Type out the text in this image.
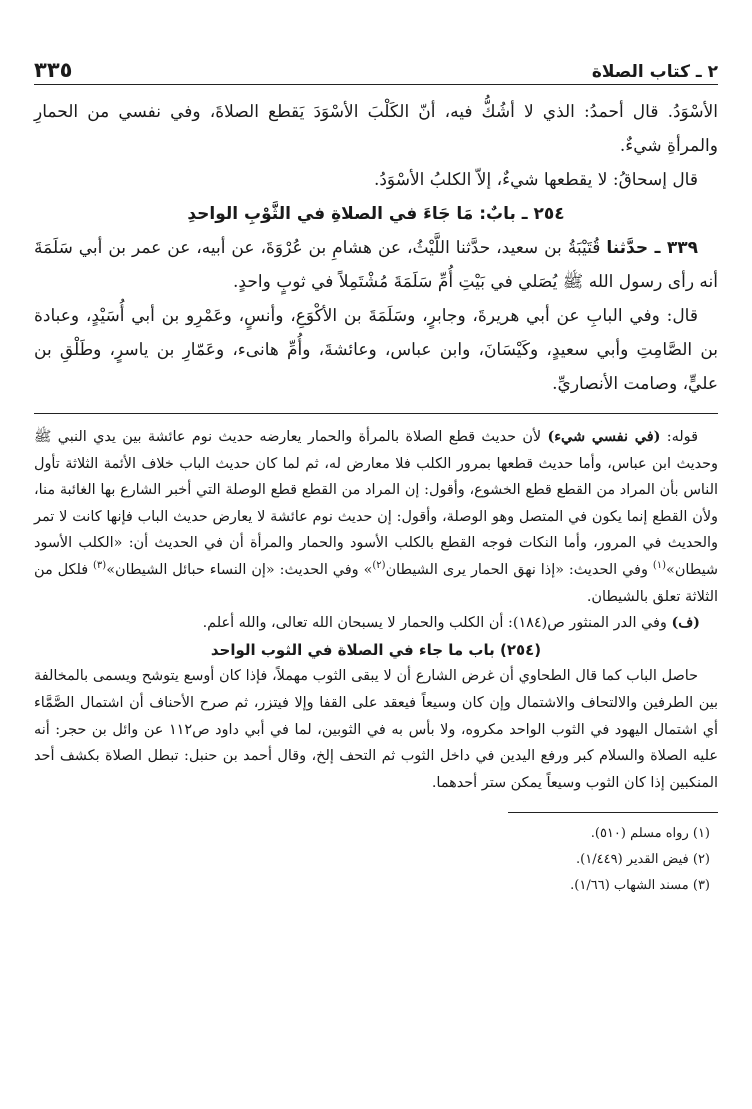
٢ ـ كتاب الصلاة
٣٣٥

الأسْوَدُ. قال أحمدُ: الذي لا أشُكُّ فيه، أنّ الكَلْبَ الأسْوَدَ يَقطع الصلاةَ، وفي نفسي من الحمارِ والمرأةِ شيءٌ.

قال إسحاقُ: لا يقطعها شيءٌ، إلاّ الكلبُ الأسْوَدُ.

٢٥٤ ـ بابٌ: مَا جَاءَ في الصلاةِ في الثَّوْبِ الواحدِ

٣٣٩ ـ حدَّثنا قُتَيْبَةُ بن سعيد، حدَّثنا اللَّيْثُ، عن هشامِ بن عُرْوَةَ، عن أبيه، عن عمر بن أبي سَلَمَةَ أنه رأى رسول الله ﷺ يُصَلي في بَيْتِ أُمِّ سَلَمَةَ مُشْتَمِلاً في ثوبٍ واحدٍ.

قال: وفي البابِ عن أبي هريرةَ، وجابرٍ، وسَلَمَةَ بن الأكْوَعِ، وأنسٍ، وعَمْرِو بن أبي أُسَيْدٍ، وعبادة بن الصَّامِتِ وأبي سعيدٍ، وكَيْسَانَ، وابن عباس، وعائشةَ، وأُمِّ هانىء، وعَمّارِ بن ياسرٍ، وطَلْقِ بن عليٍّ، وصامت الأنصاريِّ.

قوله: (في نفسي شيء) لأن حديث قطع الصلاة بالمرأة والحمار يعارضه حديث نوم عائشة بين يدي النبي ﷺ وحديث ابن عباس، وأما حديث قطعها بمرور الكلب فلا معارض له، ثم لما كان حديث الباب خلاف الأئمة الثلاثة تأول الناس بأن المراد من القطع قطع الخشوع، وأقول: إن المراد من القطع قطع الوصلة التي أخبر الشارع بها الغائبة منا، ولأن القطع إنما يكون في المتصل وهو الوصلة، وأقول: إن حديث نوم عائشة لا يعارض حديث الباب فإنها كانت لا تمر والحديث في المرور، وأما النكات فوجه القطع بالكلب الأسود والحمار والمرأة أن في الحديث أن: «الكلب الأسود شيطان»$^{(١)}$ وفي الحديث: «إذا نهق الحمار يرى الشيطان$^{(٢)}$» وفي الحديث: «إن النساء حبائل الشيطان»$^{(٣)}$ فلكل من الثلاثة تعلق بالشيطان.

(ف) وفي الدر المنثور ص(١٨٤): أن الكلب والحمار لا يسبحان الله تعالى، والله أعلم.

(٢٥٤) باب ما جاء في الصلاة في الثوب الواحد

حاصل الباب كما قال الطحاوي أن غرض الشارع أن لا يبقى الثوب مهملاً، فإذا كان أوسع يتوشح ويسمى بالمخالفة بين الطرفين والالتحاف والاشتمال وإن كان وسيعاً فيعقد على القفا وإلا فيتزر، ثم صرح الأحناف أن اشتمال الصَّمَّاء أي اشتمال اليهود في الثوب الواحد مكروه، ولا بأس به في الثوبين، لما في أبي داود ص١١٢ عن وائل بن حجر: أنه عليه الصلاة والسلام كبر ورفع اليدين في داخل الثوب ثم التحف إلخ، وقال أحمد بن حنبل: تبطل الصلاة بكشف أحد المنكبين إذا كان الثوب وسيعاً يمكن ستر أحدهما.

(١) رواه مسلم (٥١٠).
(٢) فيض القدير (١/٤٤٩).
(٣) مسند الشهاب (١/٦٦).
